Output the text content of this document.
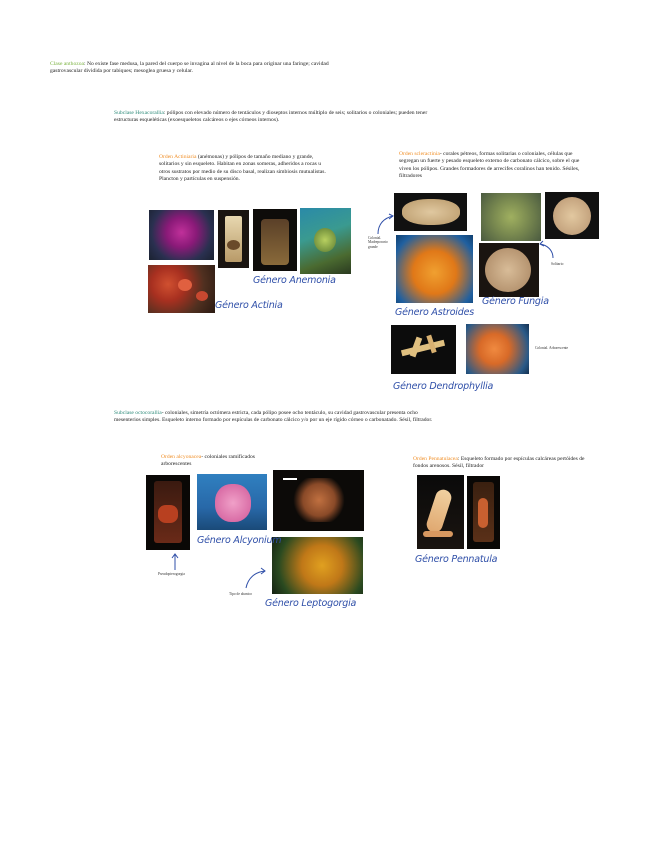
Clase anthozoa: No existe fase medusa, la pared del cuerpo se invagina al nivel de la boca para originar una faringe; cavidad gastrovascular dividida por tabiques; mesoglea gruesa y celular.
Subclase Hexacorallia: pólipos con elevado número de tentáculos y dioseptos internos múltiplo de seis; solitarios o coloniales; pueden tener estructuras esqueléticas (exoesqueletos calcáreos o ejes córneos internos).
Orden Actiniaria (anémonas) y pólipos de tamaño mediano y grande, solitarios y sin esqueleto. Habitan en zonas someras, adheridos a rocas u otros sustratos por medio de su disco basal, realizan simbiosis mutualistas. Plancton y partículas en suspensión.
Género Anemonia
Género Actinia
Orden scleractinia- corales pétreos, formas solitarias o coloniales, células que segregan un fuerte y pesado esqueleto externo de carbonato cálcico, sobre el que viven los pólipos. Grandes formadores de arrecifes coralinos han tenido. Sésiles, filtradores
Colonial. Madreporario grande
Solitario
Género Fungia
Género Astroides
Colonial. Arborescente
Género Dendrophyllia
Subclase octocorallia- coloniales, simetría octómera estricta, cada pólipo posee ocho tentáculo, su cavidad gastrovascular presenta ocho mesenterios simples. Esqueleto interno formado por espículas de carbonato cálcico y/o por un eje rígido córneo o carbonatado. Sésil, filtrador.
Orden alcyonacea- coloniales ramificados arborescentes
Género Alcyonium
Pseudopterogorgia
Tipo de abanico
Género Leptogorgia
Orden Pennatulacea: Esqueleto formado por espículas calcáreas pertóides de fondos arenosos. Sésil, filtrador
Género Pennatula
